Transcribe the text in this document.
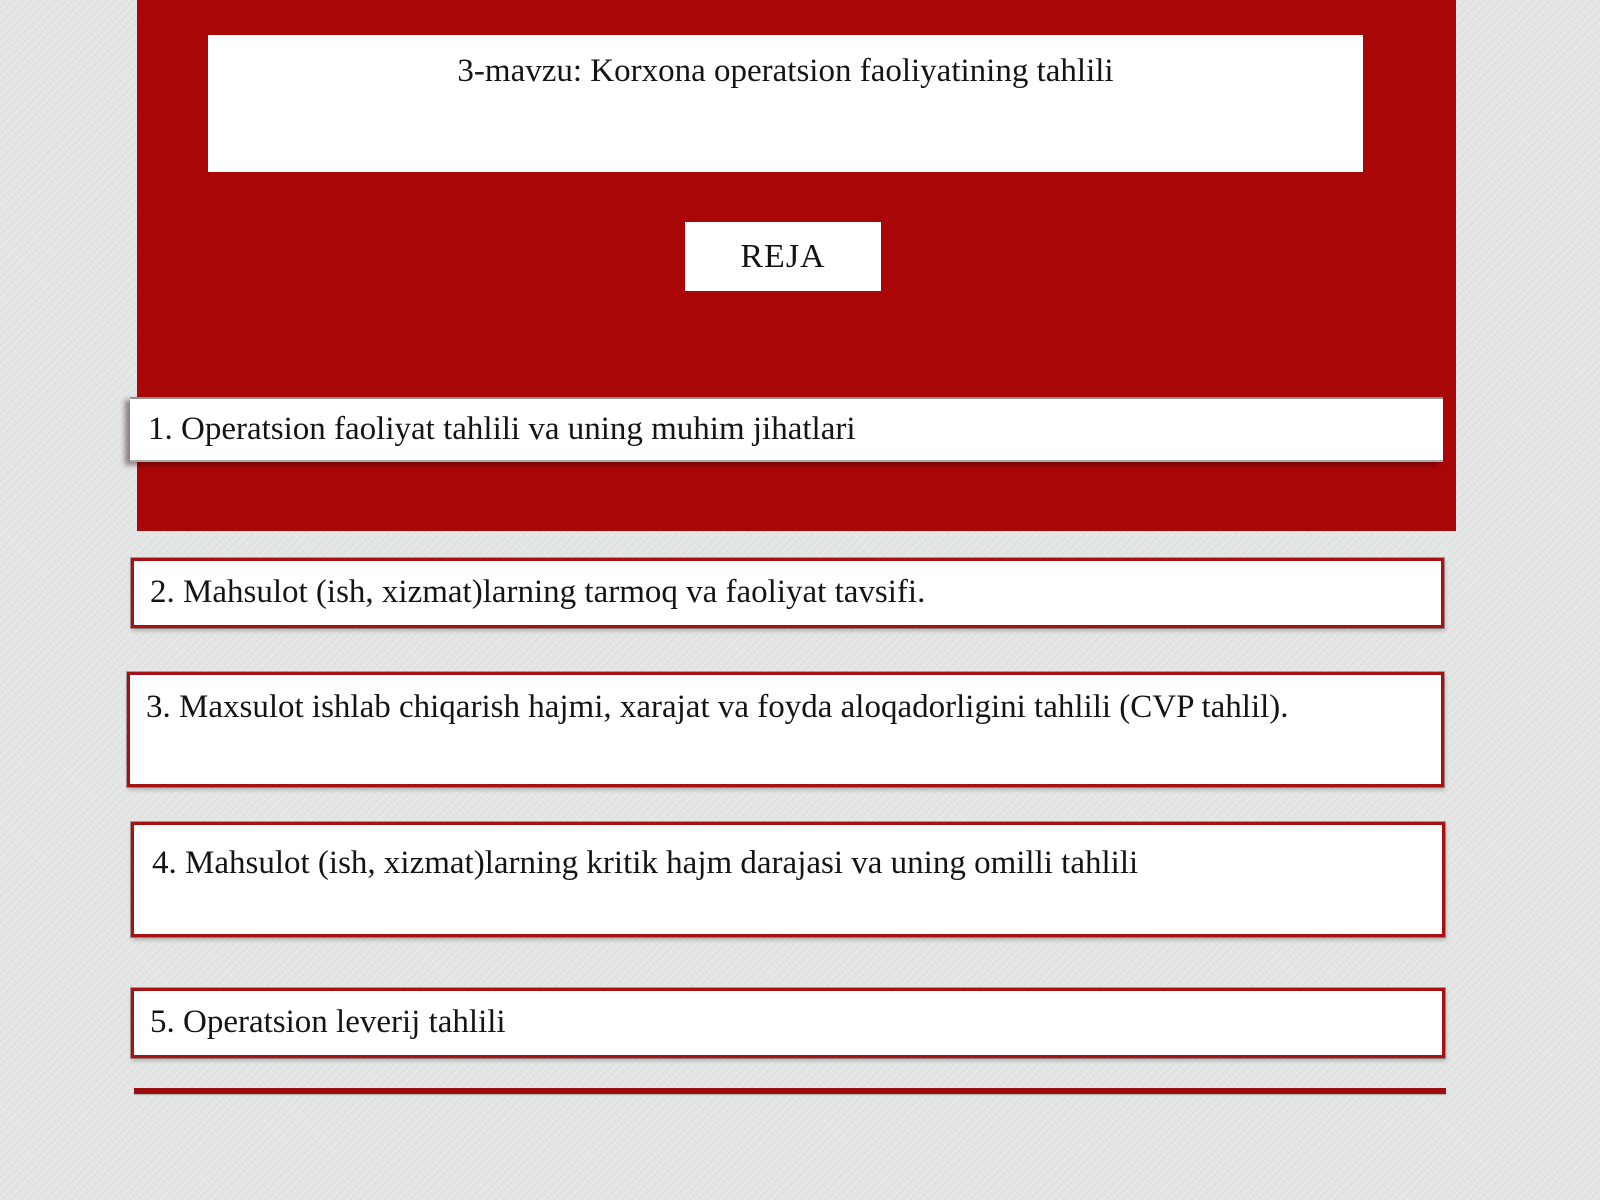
3-mavzu: Korxona operatsion faoliyatining tahlili
REJA
1. Operatsion faoliyat tahlili va uning muhim jihatlari
2. Mahsulot (ish, xizmat)larning tarmoq va faoliyat tavsifi.
3. Maxsulot ishlab chiqarish hajmi, xarajat va foyda aloqadorligini tahlili (CVP tahlil).
4. Mahsulot (ish, xizmat)larning kritik hajm darajasi va uning omilli tahlili
5. Operatsion leverij tahlili
